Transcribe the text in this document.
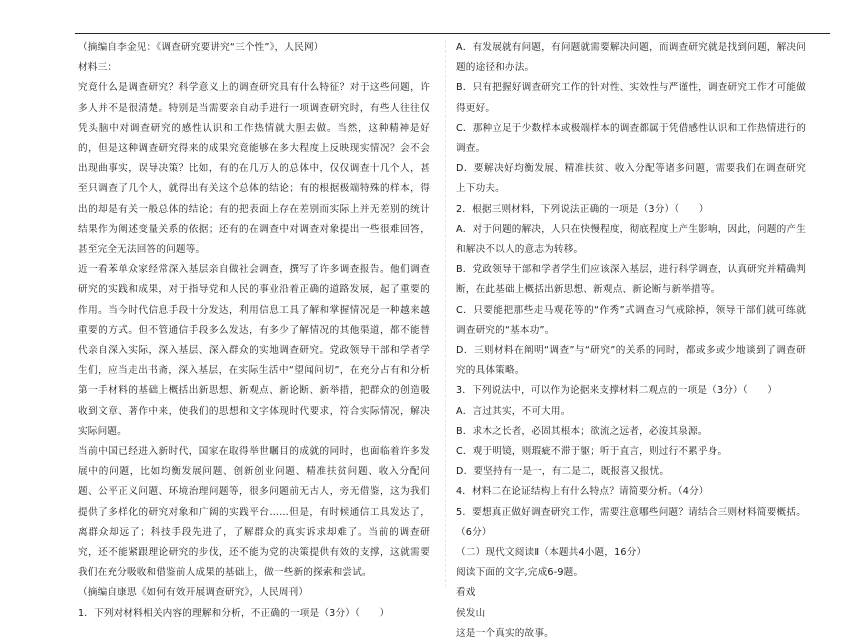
（摘编自李金见：《调查研究要讲究“三个性”》，人民网）

材料三：

究竟什么是调查研究？科学意义上的调查研究具有什么特征？对于这些问题，许多人并不是很清楚。特别是当需要亲自动手进行一项调查研究时，有些人往往仅凭头脑中对调查研究的感性认识和工作热情就大胆去做。当然，这种精神是好的，但是这种调查研究得来的成果究竟能够在多大程度上反映现实情况？会不会出现曲事实，误导决策？比如，有的在几万人的总体中，仅仅调查十几个人，甚至只调查了几个人，就得出有关这个总体的结论；有的根据极端特殊的样本，得出的却是有关一般总体的结论；有的把表面上存在差别而实际上并无差别的统计结果作为阐述变量关系的依据；还有的在调查中对调查对象提出一些很难回答，甚至完全无法回答的问题等。

近一看苯单众家经常深入基层亲自做社会调查，撰写了许多调查报告。他们调查研究的实践和成果，对于指导党和人民的事业沿着正确的道路发展，起了重要的作用。当今时代信息手段十分发达，利用信息工具了解和掌握情况是一种越来越重要的方式。但不管通信手段多么发达，有多少了解情况的其他渠道，都不能替代亲自深入实际，深入基层、深入群众的实地调查研究。党政领导干部和学者学生们，应当走出书斋，深入基层，在实际生活中“望闻问切”，在充分占有和分析第一手材料的基础上概括出新思想、新观点、新论断、新举措，把群众的创造吸收到文章、著作中来，使我们的思想和文字体现时代要求，符合实际情况，解决实际问题。

当前中国已经进入新时代，国家在取得举世瞩目的成就的同时，也面临着许多发展中的问题，比如均衡发展问题、创新创业问题、精准扶贫问题、收入分配问题、公平正义问题、环境治理问题等，很多问题前无古人，旁无借鉴，这为我们提供了多样化的研究对象和广阔的实践平台……但是，有时候通信工具发达了，离群众却远了；科技手段先进了，了解群众的真实诉求却难了。当前的调查研究，还不能紧跟理论研究的步伐，还不能为党的决策提供有效的支撑，这就需要我们在充分吸收和借鉴前人成果的基础上，做一些新的探索和尝试。

（摘编自康思《如何有效开展调查研究》，人民周刊）

1．下列对材料相关内容的理解和分析，不正确的一项是（3分）（　　）

A．有发展就有问题，有问题就需要解决问题，而调查研究就是找到问题，解决问题的途径和办法。

B．只有把握好调查研究工作的针对性、实效性与严谨性，调查研究工作才可能做得更好。

C．那种立足于少数样本或极端样本的调查都属于凭借感性认识和工作热情进行的调查。

D．要解决好均衡发展、精准扶贫、收入分配等诸多问题，需要我们在调查研究上下功夫。

2．根据三则材料，下列说法正确的一项是（3分）（　　）

A．对于问题的解决，人只在快慢程度，彻底程度上产生影响，因此，问题的产生和解决不以人的意志为转移。

B．党政领导干部和学者学生们应该深入基层，进行科学调查，认真研究并精确判断，在此基础上概括出新思想、新观点、新论断与新举措等。

C．只要能把那些走马观花等的“作秀”式调查习气戒除掉，领导干部们就可练就调查研究的“基本功”。

D．三则材料在阐明“调查”与“研究”的关系的同时，都或多或少地谈到了调查研究的具体策略。

3．下列说法中，可以作为论据来支撑材料二观点的一项是（3分）（　　）

A．言过其实，不可大用。

B．求木之长者，必固其根本；欲流之远者，必浚其泉源。

C．观于明镜，则瑕疵不滞于躯；听于直言，则过行不累乎身。

D．要坚持有一是一，有二是二，既报喜又报忧。

4．材料二在论证结构上有什么特点？请简要分析。（4分）

5．要想真正做好调查研究工作，需要注意哪些问题？请结合三则材料简要概括。（6分）

（二）现代文阅读Ⅱ（本题共4小题，16分）

阅读下面的文字,完成6-9题。

看戏

侯发山

这是一个真实的故事。
